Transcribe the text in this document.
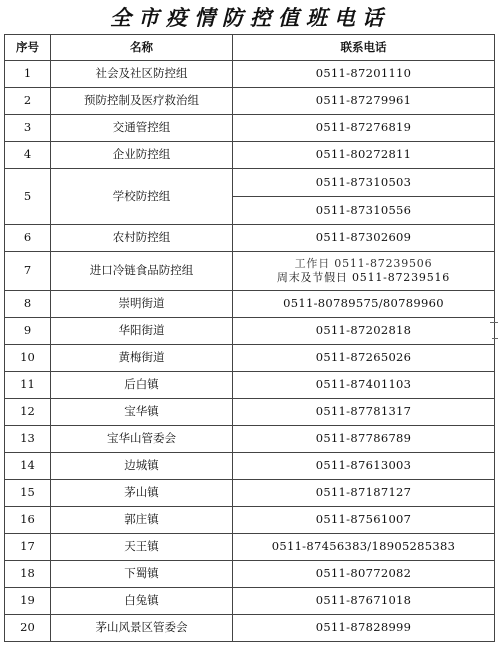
全市疫情防控值班电话
序号	名称	联系电话
1	社会及社区防控组	0511-87201110
2	预防控制及医疗救治组	0511-87279961
3	交通管控组	0511-87276819
4	企业防控组	0511-80272811
5	学校防控组	0511-87310503
		0511-87310556
6	农村防控组	0511-87302609
7	进口冷链食品防控组	工作日 0511-87239506
周末及节假日 0511-87239516

8	崇明街道	0511-80789575/80789960
9	华阳街道	0511-87202818
10	黄梅街道	0511-87265026
11	后白镇	0511-87401103
12	宝华镇	0511-87781317
13	宝华山管委会	0511-87786789
14	边城镇	0511-87613003
15	茅山镇	0511-87187127
16	郭庄镇	0511-87561007
17	天王镇	0511-87456383/18905285383
18	下蜀镇	0511-80772082
19	白兔镇	0511-87671018
20	茅山风景区管委会	0511-87828999
